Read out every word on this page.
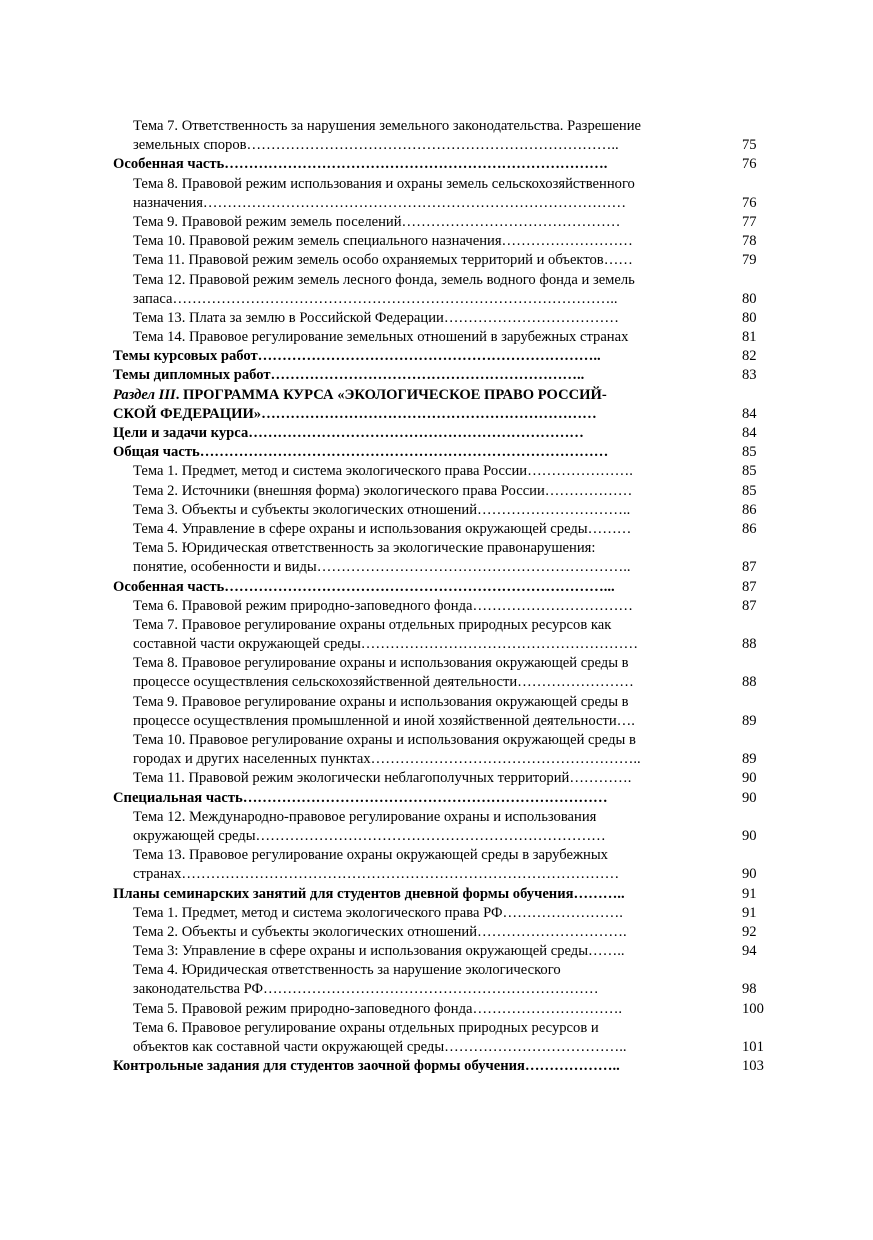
Тема 7. Ответственность за нарушения земельного законодательства. Разрешение
земельных споров…………………………………………………………………..	75
Особенная часть…………………………………………………………………….	76
Тема 8. Правовой режим использования и охраны земель сельскохозяйственного
назначения……………………………………………………………………………	76
Тема 9. Правовой режим земель поселений………………………………………	77
Тема 10. Правовой режим земель специального назначения………………………	78
Тема 11. Правовой режим земель особо охраняемых территорий и объектов……	79
Тема 12. Правовой режим земель лесного фонда, земель водного фонда и земель
запаса………………………………………………………………………………..	80
Тема 13. Плата за землю в Российской Федерации………………………………	80
Тема 14. Правовое регулирование земельных отношений в зарубежных странах	81
Темы курсовых работ……………………………………………………………..	82
Темы дипломных работ………………………………………………………..	83
Раздел III. ПРОГРАММА КУРСА «ЭКОЛОГИЧЕСКОЕ ПРАВО РОССИЙ-
СКОЙ ФЕДЕРАЦИИ»……………………………………………………………	84
Цели и задачи курса……………………………………………………………	84
Общая часть…………………………………………………………………………	85
Тема 1. Предмет, метод и система экологического права России………………….	85
Тема 2. Источники (внешняя форма) экологического права России………………	85
Тема 3. Объекты и субъекты экологических отношений…………………………..	86
Тема 4. Управление в сфере охраны и использования окружающей среды………	86
Тема 5. Юридическая ответственность за экологические правонарушения:
понятие, особенности и виды………………………………………………………..	87
Особенная часть……………………………………………………………………...	87
Тема 6. Правовой режим природно-заповедного фонда……………………………	87
Тема 7. Правовое регулирование охраны отдельных природных ресурсов как
составной части окружающей среды…………………………………………………	88
Тема 8. Правовое регулирование охраны и использования окружающей среды в
процессе осуществления сельскохозяйственной деятельности……………………	88
Тема 9. Правовое регулирование охраны и использования окружающей среды в
процессе осуществления промышленной и иной хозяйственной деятельности….	89
Тема 10. Правовое регулирование охраны и использования окружающей среды в
городах и других населенных пунктах………………………………………………..	89
Тема 11. Правовой режим экологически неблагополучных территорий………….	90
Специальная часть…………………………………………………………………	90
Тема 12. Международно-правовое регулирование охраны и использования
окружающей среды………………………………………………………………	90
Тема 13. Правовое регулирование охраны окружающей среды в зарубежных
странах………………………………………………………………………………	90
Планы семинарских занятий для студентов дневной формы обучения………..	91
Тема 1. Предмет, метод и система экологического права РФ…………………….	91
Тема 2. Объекты и субъекты экологических отношений………………………….	92
Тема 3: Управление в сфере охраны и использования окружающей среды……..	94
Тема 4. Юридическая ответственность за нарушение экологического
законодательства РФ……………………………………………………………	98
Тема 5. Правовой режим природно-заповедного фонда………………………….	100
Тема 6. Правовое регулирование охраны отдельных природных ресурсов и
объектов как составной части окружающей среды………………………………..	101
Контрольные задания для студентов заочной формы обучения………………..	103
